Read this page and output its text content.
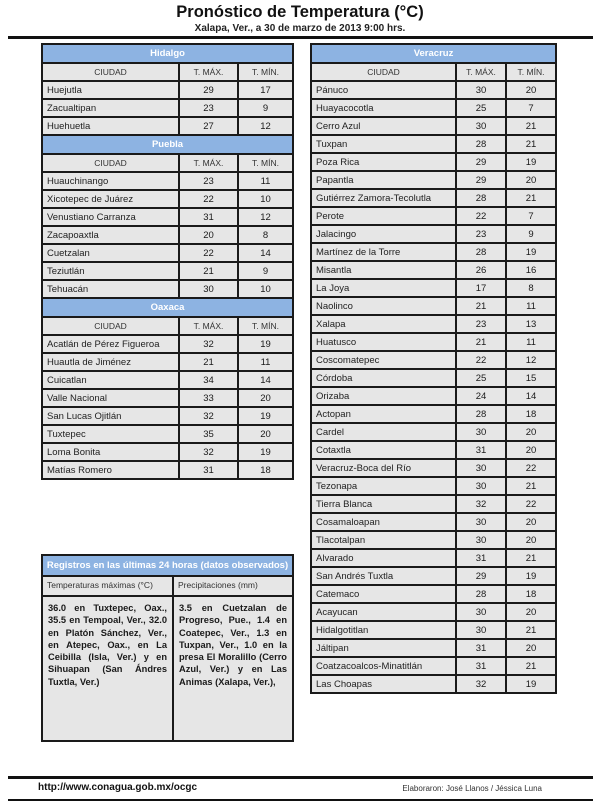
Pronóstico de Temperatura (°C)
Xalapa, Ver., a 30 de marzo de 2013 9:00 hrs.
Hidalgo		
CIUDAD	T. MÁX.	T. MÍN.
Huejutla	29	17
Zacualtipan	23	9
Huehuetla	27	12
Puebla		
CIUDAD	T. MÁX.	T. MÍN.
Huauchinango	23	11
Xicotepec de Juárez	22	10
Venustiano Carranza	31	12
Zacapoaxtla	20	8
Cuetzalan	22	14
Teziutlán	21	9
Tehuacán	30	10
Oaxaca		
CIUDAD	T. MÁX.	T. MÍN.
Acatlán de Pérez Figueroa	32	19
Huautla de Jiménez	21	11
Cuicatlan	34	14
Valle Nacional	33	20
San Lucas Ojitlán	32	19
Tuxtepec	35	20
Loma Bonita	32	19
Matías Romero	31	18
Veracruz		
CIUDAD	T. MÁX.	T. MÍN.
Pánuco	30	20
Huayacocotla	25	7
Cerro Azul	30	21
Tuxpan	28	21
Poza Rica	29	19
Papantla	29	20
Gutiérrez Zamora-Tecolutla	28	21
Perote	22	7
Jalacingo	23	9
Martínez de la Torre	28	19
Misantla	26	16
La Joya	17	8
Naolinco	21	11
Xalapa	23	13
Huatusco	21	11
Coscomatepec	22	12
Córdoba	25	15
Orizaba	24	14
Actopan	28	18
Cardel	30	20
Cotaxtla	31	20
Veracruz-Boca del Río	30	22
Tezonapa	30	21
Tierra Blanca	32	22
Cosamaloapan	30	20
Tlacotalpan	30	20
Alvarado	31	21
San Andrés Tuxtla	29	19
Catemaco	28	18
Acayucan	30	20
Hidalgotitlan	30	21
Jáltipan	31	20
Coatzacoalcos-Minatitlán	31	21
Las Choapas	32	19
Registros en las últimas 24 horas (datos observados)	
Temperaturas máximas (°C)	Precipitaciones (mm)
36.0 en Tuxtepec, Oax., 35.5 en Tempoal, Ver., 32.0 en Platón Sánchez, Ver., en Atepec, Oax., en La Ceibilla (Isla, Ver.) y en Sihuapan (San Ándres Tuxtla, Ver.)	3.5 en Cuetzalan de Progreso, Pue., 1.4 en Coatepec, Ver., 1.3 en Tuxpan, Ver., 1.0 en la presa El Moralillo (Cerro Azul, Ver.) y en Las Animas (Xalapa, Ver.),
http://www.conagua.gob.mx/ocgc	Elaboraron: José Llanos / Jéssica Luna
